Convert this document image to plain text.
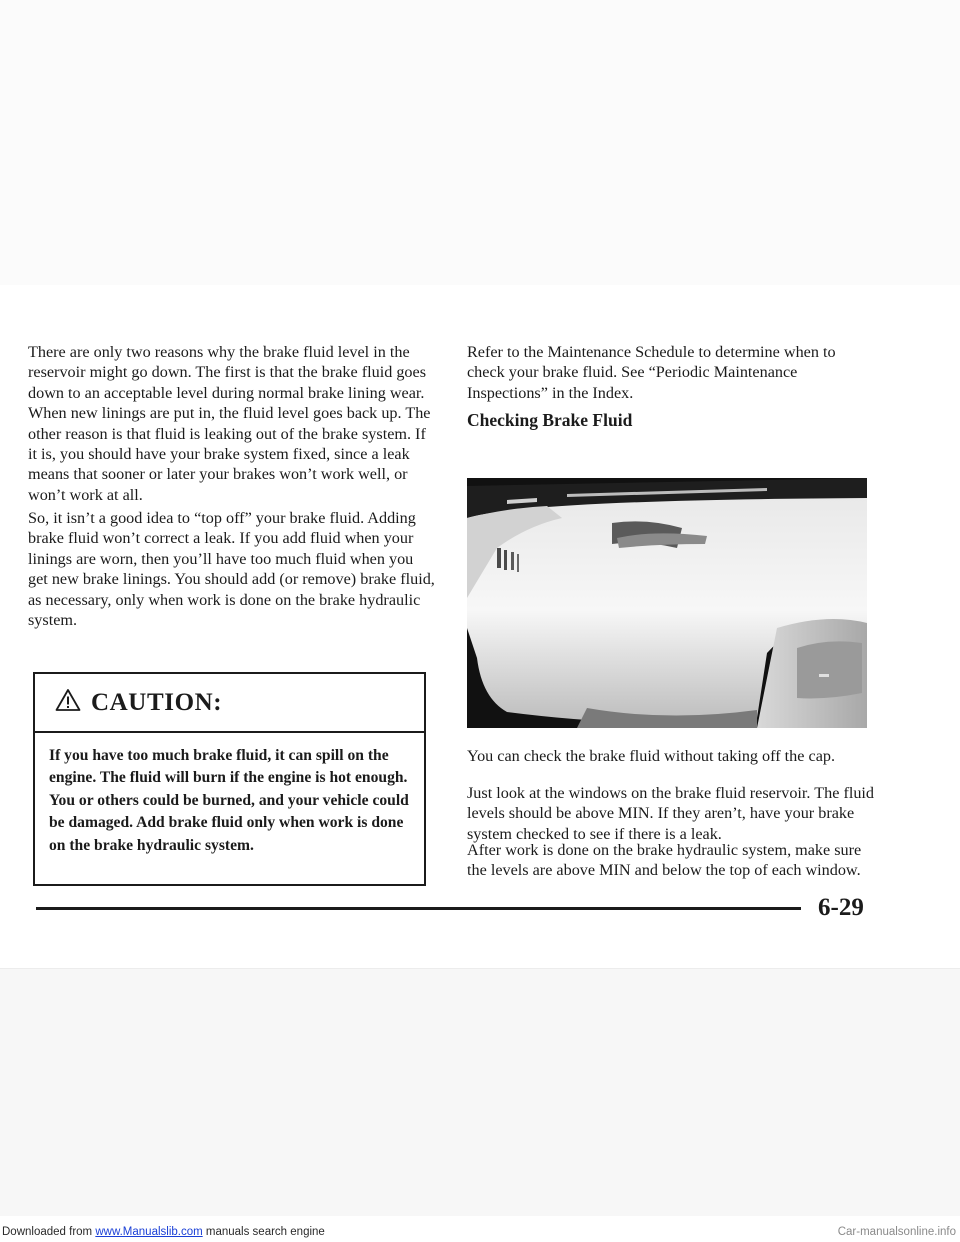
There are only two reasons why the brake fluid level in the reservoir might go down. The first is that the brake fluid goes down to an acceptable level during normal brake lining wear. When new linings are put in, the fluid level goes back up. The other reason is that fluid is leaking out of the brake system. If it is, you should have your brake system fixed, since a leak means that sooner or later your brakes won’t work well, or won’t work at all.

So, it isn’t a good idea to “top off” your brake fluid. Adding brake fluid won’t correct a leak. If you add fluid when your linings are worn, then you’ll have too much fluid when you get new brake linings. You should add (or remove) brake fluid, as necessary, only when work is done on the brake hydraulic system.

CAUTION:

If you have too much brake fluid, it can spill on the engine. The fluid will burn if the engine is hot enough. You or others could be burned, and your vehicle could be damaged. Add brake fluid only when work is done on the brake hydraulic system.

Refer to the Maintenance Schedule to determine when to check your brake fluid. See “Periodic Maintenance Inspections” in the Index.

Checking Brake Fluid

You can check the brake fluid without taking off the cap.

Just look at the windows on the brake fluid reservoir. The fluid levels should be above MIN. If they aren’t, have your brake system checked to see if there is a leak.

After work is done on the brake hydraulic system, make sure the levels are above MIN and below the top of each window.

6-29

Downloaded from www.Manualslib.com manuals search engine	Car-manualsonline.info
